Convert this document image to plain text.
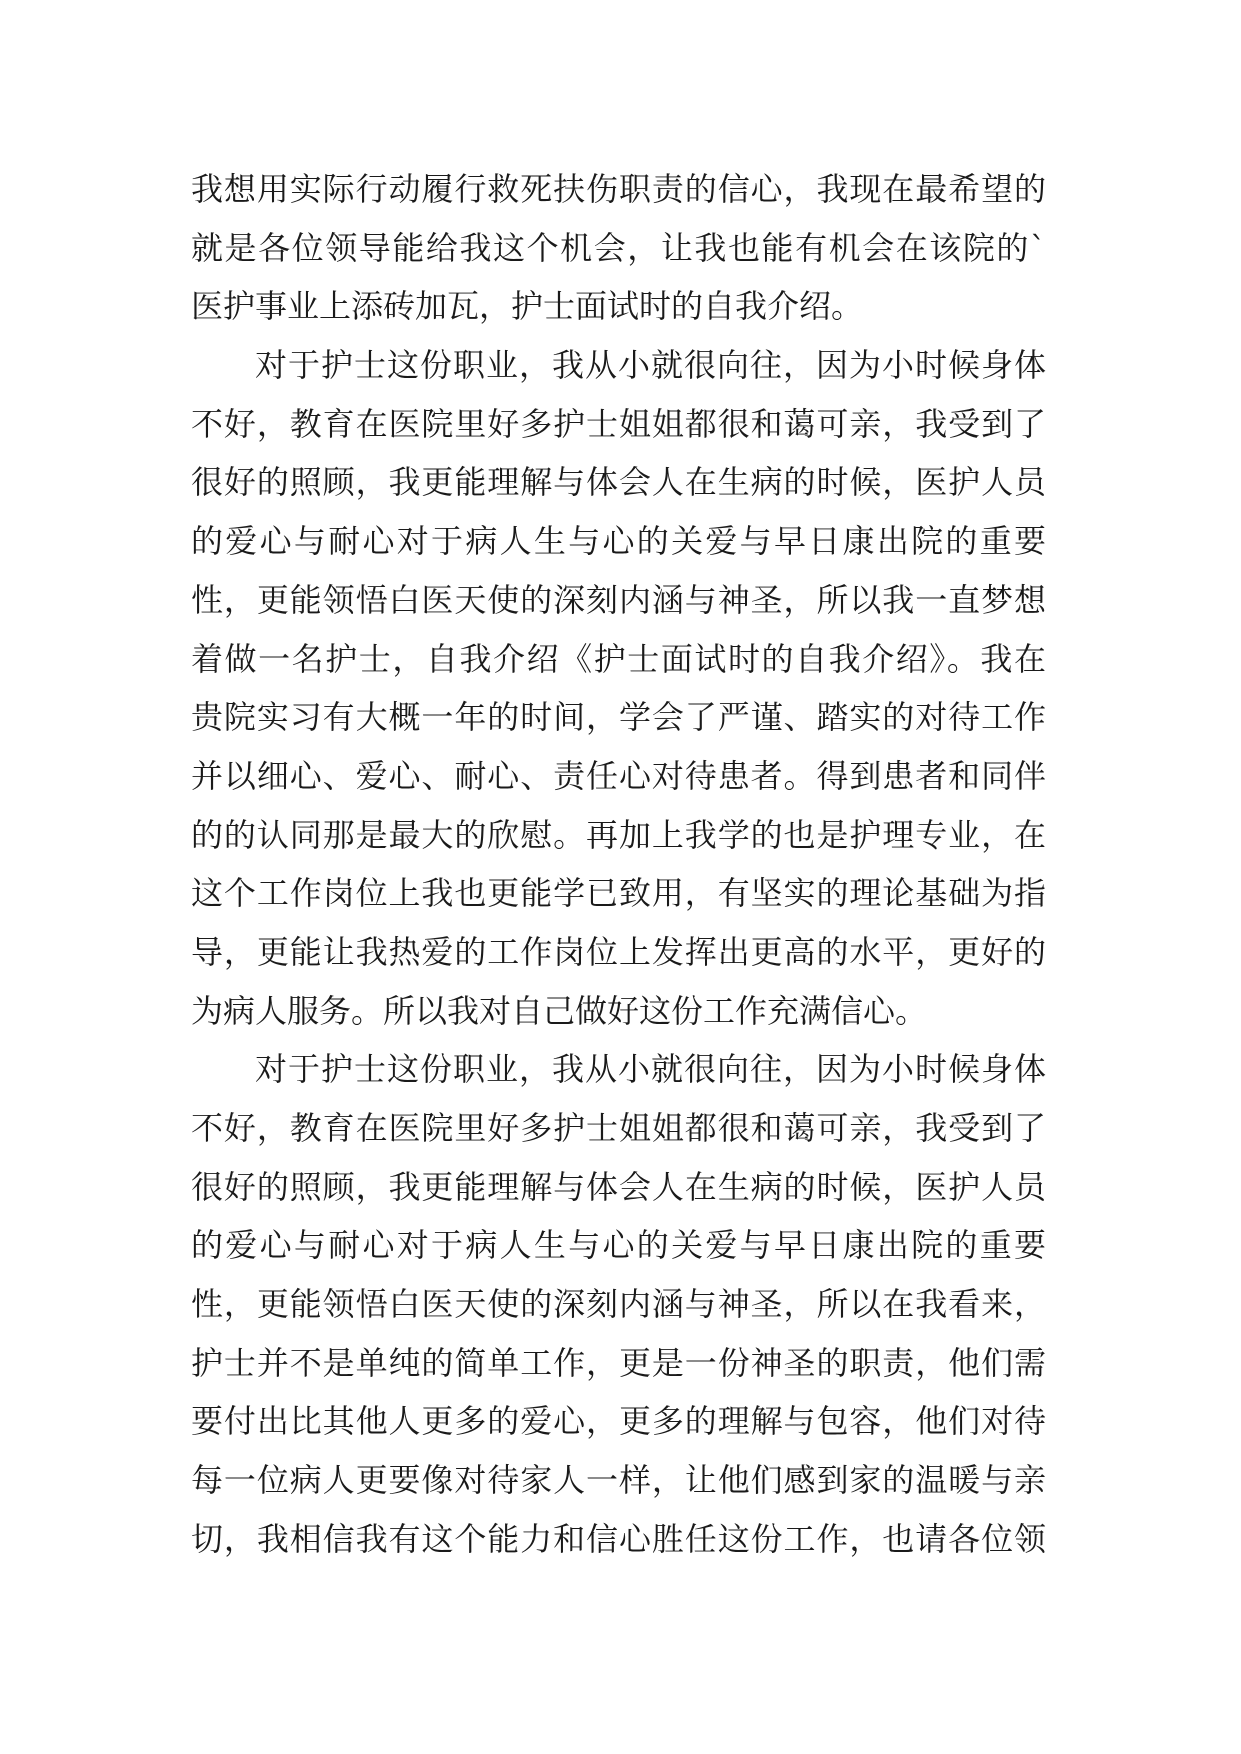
我想用实际行动履行救死扶伤职责的信心，我现在最希望的
就是各位领导能给我这个机会，让我也能有机会在该院的`
医护事业上添砖加瓦，护士面试时的自我介绍。
对于护士这份职业，我从小就很向往，因为小时候身体
不好，教育在医院里好多护士姐姐都很和蔼可亲，我受到了
很好的照顾，我更能理解与体会人在生病的时候，医护人员
的爱心与耐心对于病人生与心的关爱与早日康出院的重要
性，更能领悟白医天使的深刻内涵与神圣，所以我一直梦想
着做一名护士，自我介绍《护士面试时的自我介绍》。我在
贵院实习有大概一年的时间，学会了严谨、踏实的对待工作
并以细心、爱心、耐心、责任心对待患者。得到患者和同伴
的的认同那是最大的欣慰。再加上我学的也是护理专业，在
这个工作岗位上我也更能学已致用，有坚实的理论基础为指
导，更能让我热爱的工作岗位上发挥出更高的水平，更好的
为病人服务。所以我对自己做好这份工作充满信心。
对于护士这份职业，我从小就很向往，因为小时候身体
不好，教育在医院里好多护士姐姐都很和蔼可亲，我受到了
很好的照顾，我更能理解与体会人在生病的时候，医护人员
的爱心与耐心对于病人生与心的关爱与早日康出院的重要
性，更能领悟白医天使的深刻内涵与神圣，所以在我看来，
护士并不是单纯的简单工作，更是一份神圣的职责，他们需
要付出比其他人更多的爱心，更多的理解与包容，他们对待
每一位病人更要像对待家人一样，让他们感到家的温暖与亲
切，我相信我有这个能力和信心胜任这份工作，也请各位领
